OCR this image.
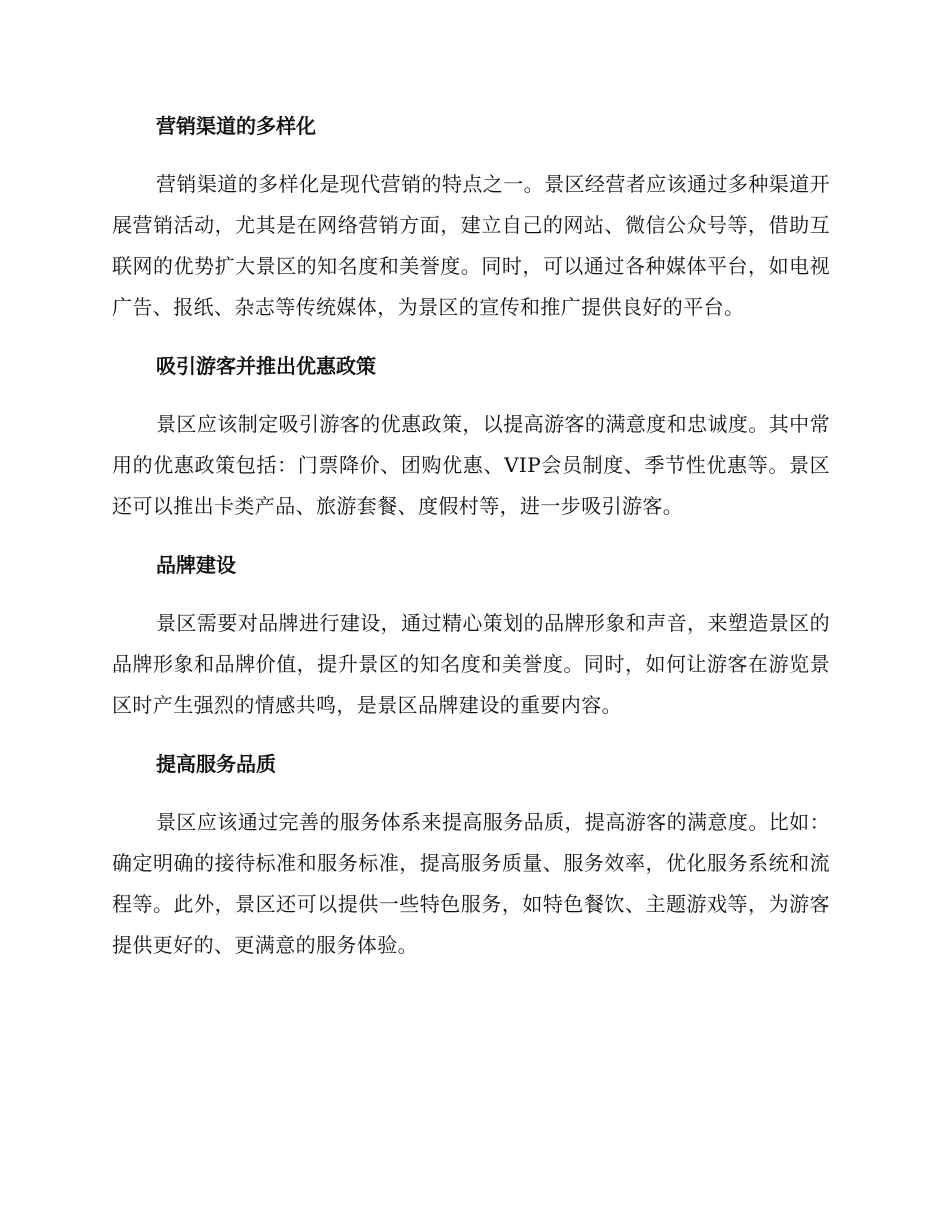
营销渠道的多样化

营销渠道的多样化是现代营销的特点之一。景区经营者应该通过多种渠道开展营销活动，尤其是在网络营销方面，建立自己的网站、微信公众号等，借助互联网的优势扩大景区的知名度和美誉度。同时，可以通过各种媒体平台，如电视广告、报纸、杂志等传统媒体，为景区的宣传和推广提供良好的平台。

吸引游客并推出优惠政策

景区应该制定吸引游客的优惠政策，以提高游客的满意度和忠诚度。其中常用的优惠政策包括：门票降价、团购优惠、VIP会员制度、季节性优惠等。景区还可以推出卡类产品、旅游套餐、度假村等，进一步吸引游客。

品牌建设

景区需要对品牌进行建设，通过精心策划的品牌形象和声音，来塑造景区的品牌形象和品牌价值，提升景区的知名度和美誉度。同时，如何让游客在游览景区时产生强烈的情感共鸣，是景区品牌建设的重要内容。

提高服务品质

景区应该通过完善的服务体系来提高服务品质，提高游客的满意度。比如：确定明确的接待标准和服务标准，提高服务质量、服务效率，优化服务系统和流程等。此外，景区还可以提供一些特色服务，如特色餐饮、主题游戏等，为游客提供更好的、更满意的服务体验。
